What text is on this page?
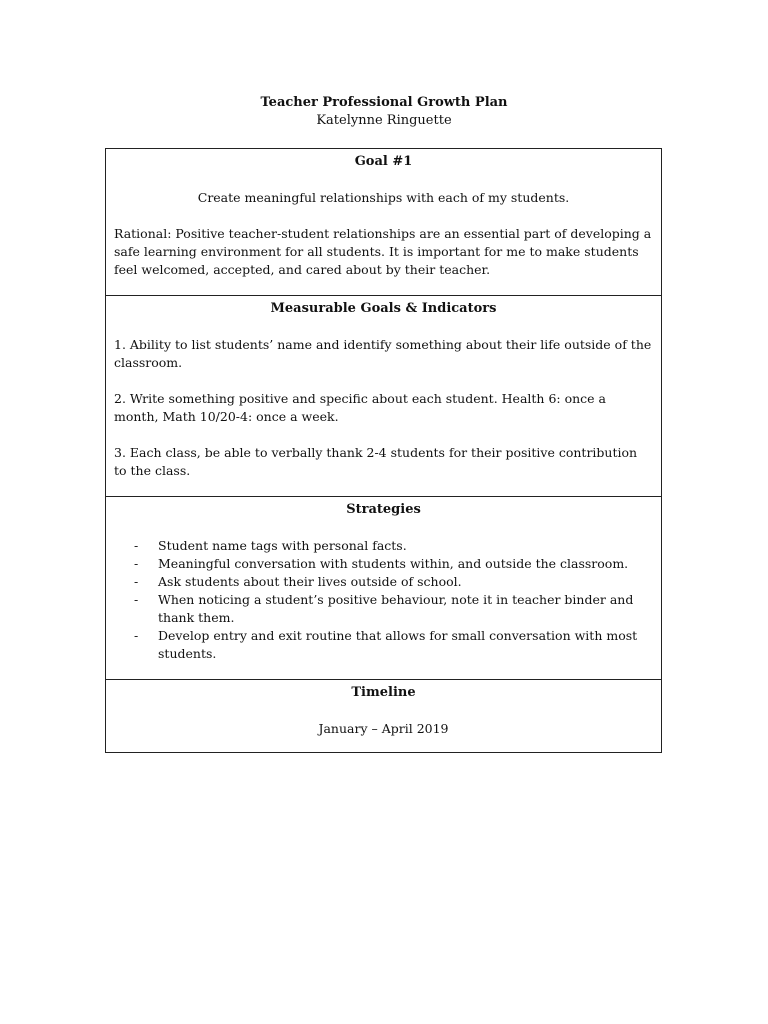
Teacher Professional Growth Plan
Katelynne Ringuette
Goal #1

Create meaningful relationships with each of my students.

Rational: Positive teacher-student relationships are an essential part of developing a safe learning environment for all students. It is important for me to make students feel welcomed, accepted, and cared about by their teacher.

Measurable Goals & Indicators

1. Ability to list students’ name and identify something about their life outside of the classroom.

2. Write something positive and specific about each student. Health 6: once a month, Math 10/20-4: once a week.

3. Each class, be able to verbally thank 2-4 students for their positive contribution to the class.

Strategies
- Student name tags with personal facts.
- Meaningful conversation with students within, and outside the classroom.
- Ask students about their lives outside of school.
- When noticing a student’s positive behaviour, note it in teacher binder and thank them.
- Develop entry and exit routine that allows for small conversation with most students.
Timeline

January – April 2019
